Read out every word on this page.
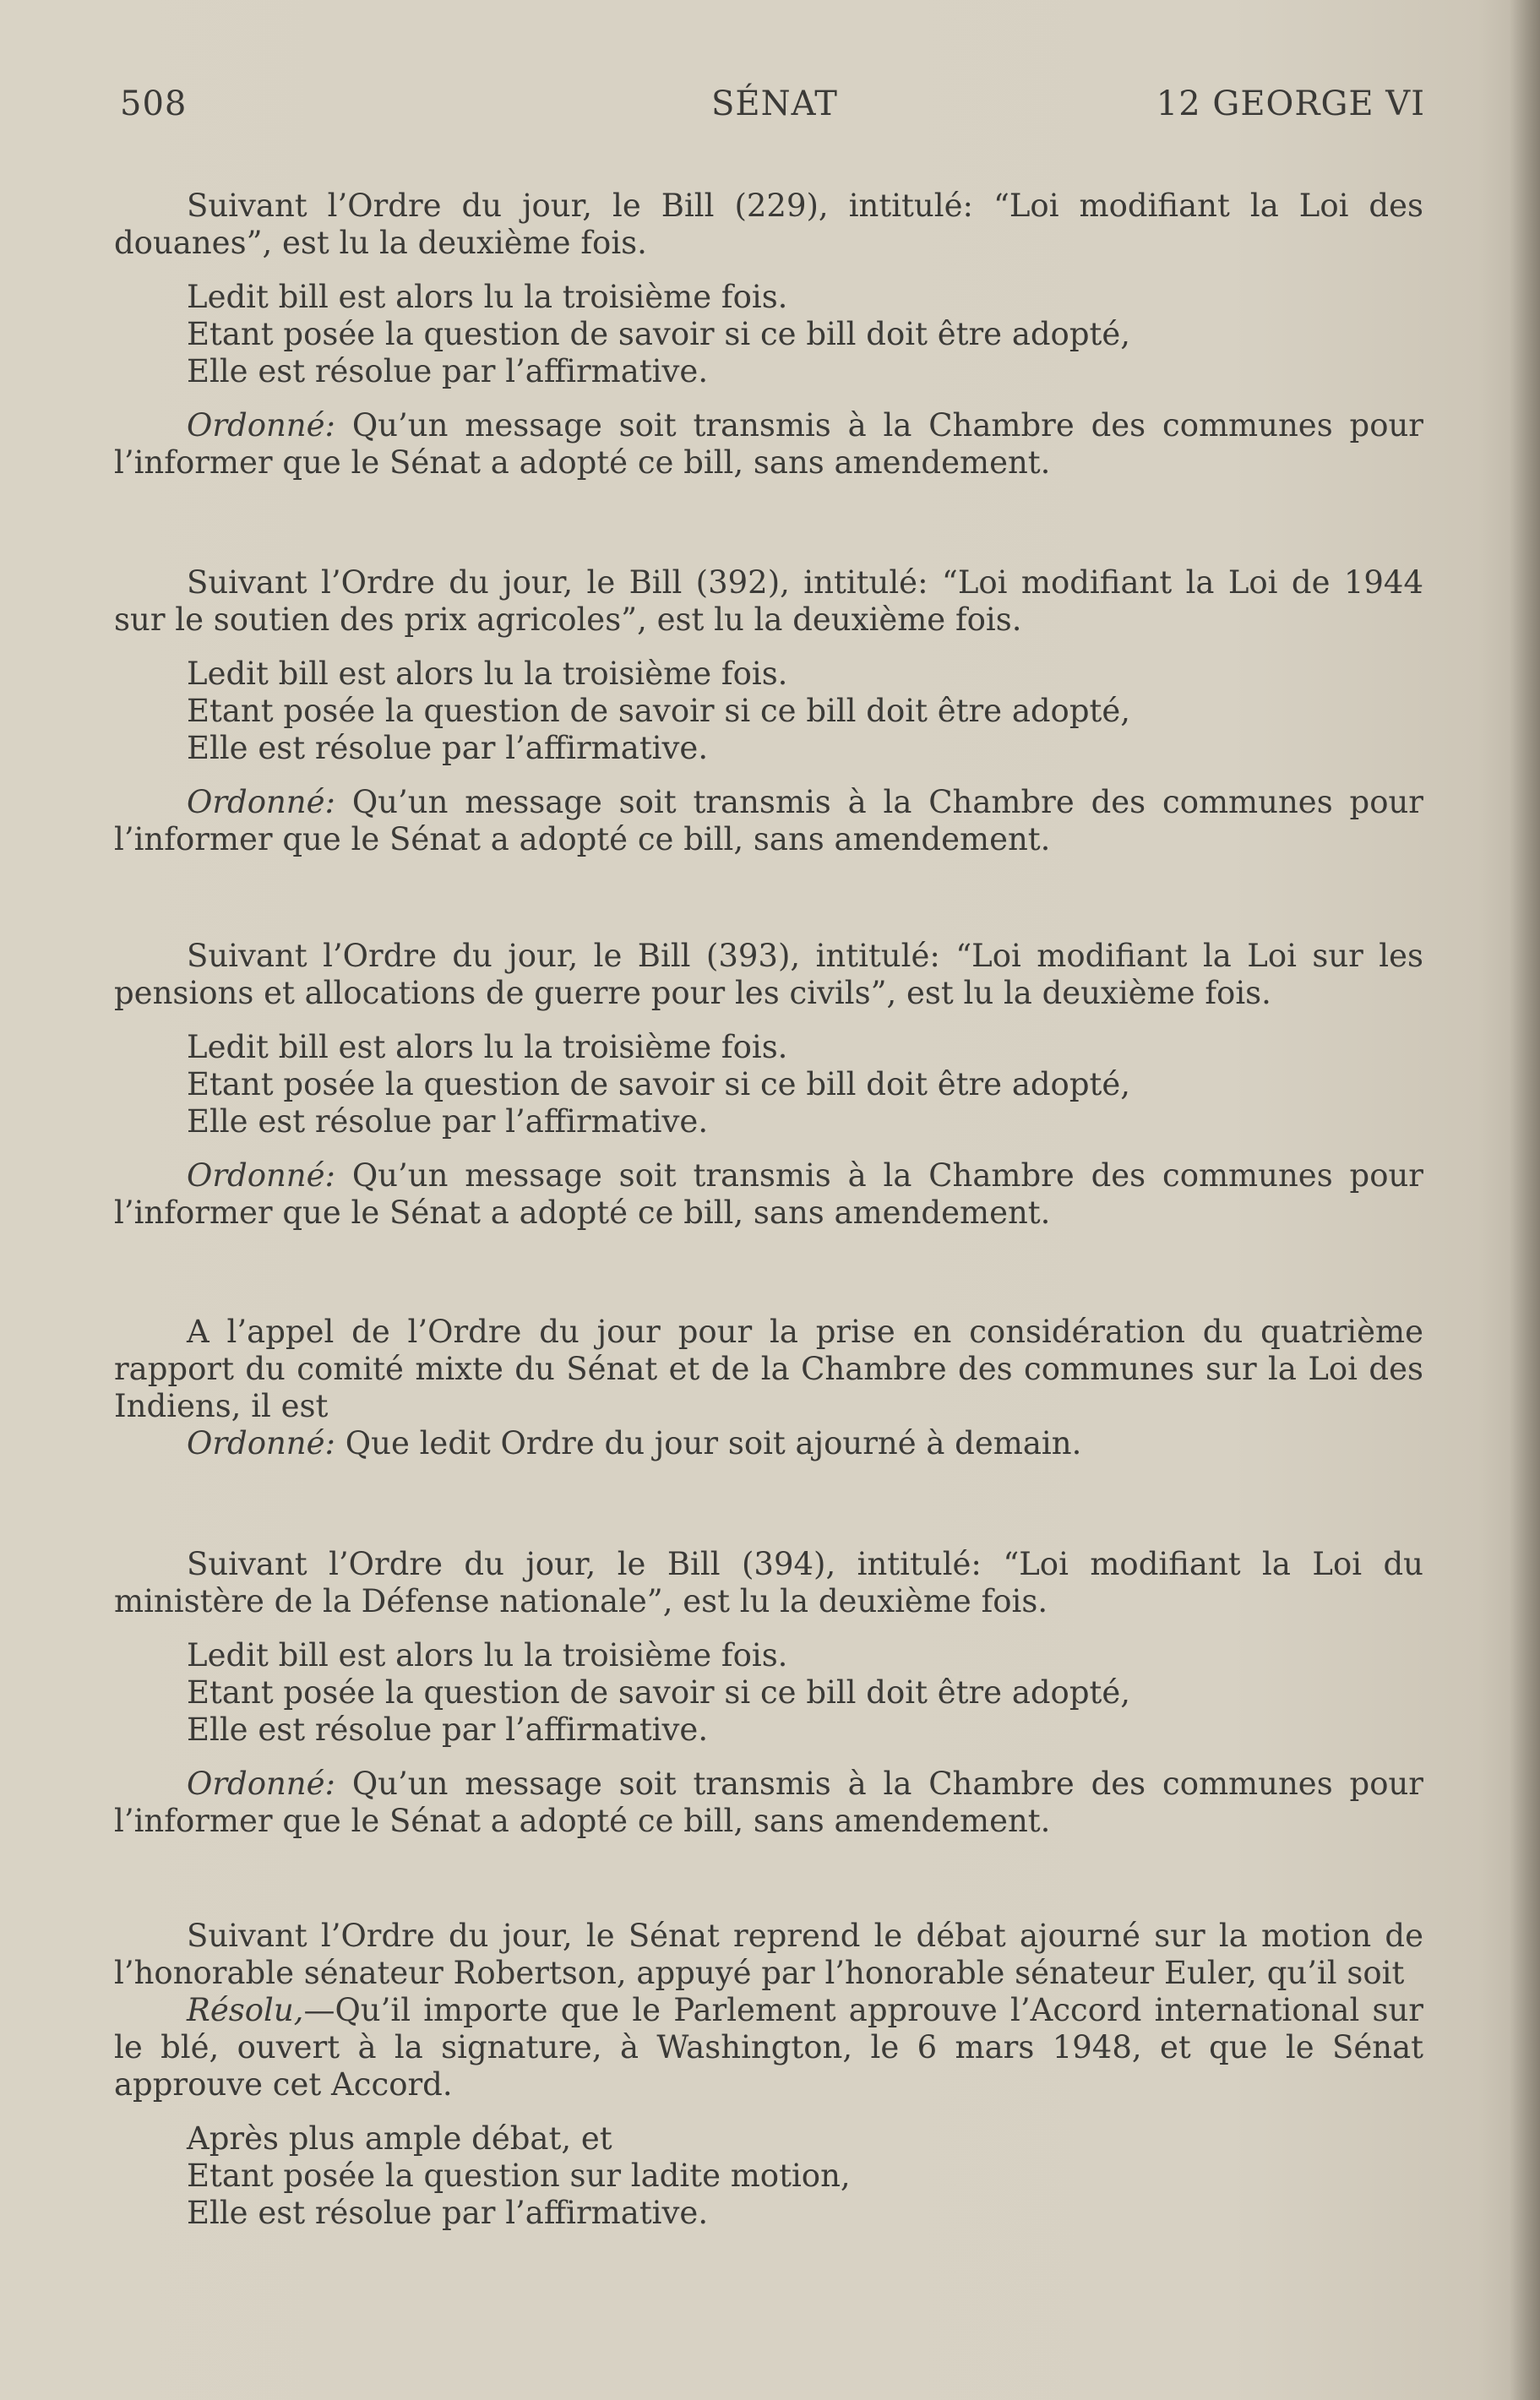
508	SÉNAT	12 GEORGE VI

Suivant l’Ordre du jour, le Bill (229), intitulé: “Loi modifiant la Loi des douanes”, est lu la deuxième fois.

Ledit bill est alors lu la troisième fois.

Etant posée la question de savoir si ce bill doit être adopté,

Elle est résolue par l’affirmative.

Ordonné: Qu’un message soit transmis à la Chambre des communes pour l’informer que le Sénat a adopté ce bill, sans amendement.

Suivant l’Ordre du jour, le Bill (392), intitulé: “Loi modifiant la Loi de 1944 sur le soutien des prix agricoles”, est lu la deuxième fois.

Ledit bill est alors lu la troisième fois.

Etant posée la question de savoir si ce bill doit être adopté,

Elle est résolue par l’affirmative.

Ordonné: Qu’un message soit transmis à la Chambre des communes pour l’informer que le Sénat a adopté ce bill, sans amendement.

Suivant l’Ordre du jour, le Bill (393), intitulé: “Loi modifiant la Loi sur les pensions et allocations de guerre pour les civils”, est lu la deuxième fois.

Ledit bill est alors lu la troisième fois.

Etant posée la question de savoir si ce bill doit être adopté,

Elle est résolue par l’affirmative.

Ordonné: Qu’un message soit transmis à la Chambre des communes pour l’informer que le Sénat a adopté ce bill, sans amendement.

A l’appel de l’Ordre du jour pour la prise en considération du quatrième rapport du comité mixte du Sénat et de la Chambre des communes sur la Loi des Indiens, il est

Ordonné: Que ledit Ordre du jour soit ajourné à demain.

Suivant l’Ordre du jour, le Bill (394), intitulé: “Loi modifiant la Loi du ministère de la Défense nationale”, est lu la deuxième fois.

Ledit bill est alors lu la troisième fois.

Etant posée la question de savoir si ce bill doit être adopté,

Elle est résolue par l’affirmative.

Ordonné: Qu’un message soit transmis à la Chambre des communes pour l’informer que le Sénat a adopté ce bill, sans amendement.

Suivant l’Ordre du jour, le Sénat reprend le débat ajourné sur la motion de l’honorable sénateur Robertson, appuyé par l’honorable sénateur Euler, qu’il soit

Résolu,—Qu’il importe que le Parlement approuve l’Accord international sur le blé, ouvert à la signature, à Washington, le 6 mars 1948, et que le Sénat approuve cet Accord.

Après plus ample débat, et

Etant posée la question sur ladite motion,

Elle est résolue par l’affirmative.
